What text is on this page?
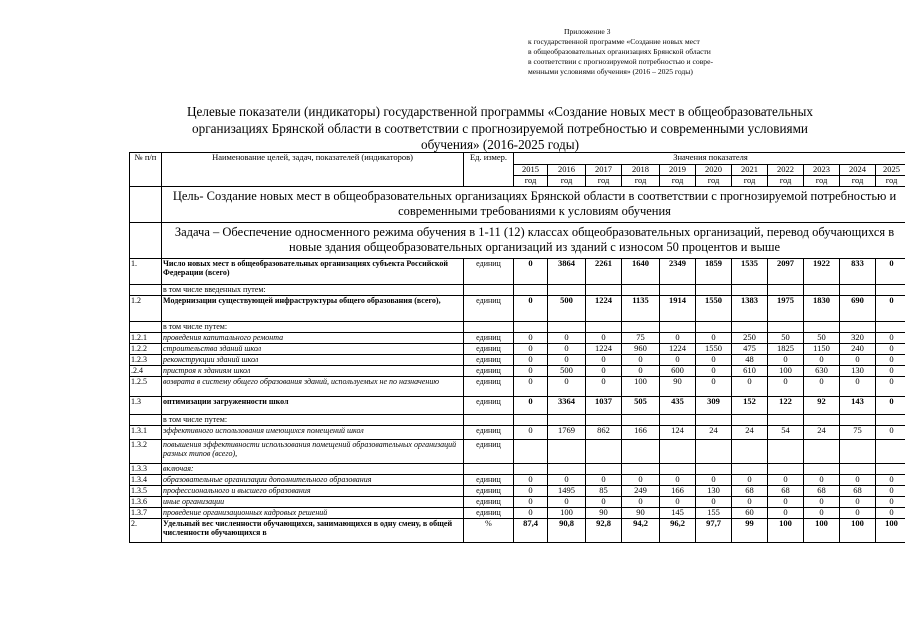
Приложение 3
к государственной программе «Создание новых мест
в общеобразовательных организациях Брянской области
в соответствии с прогнозируемой потребностью и совре-
менными условиями обучения» (2016 – 2025 годы)
Целевые показатели (индикаторы) государственной программы «Создание новых мест в общеобразовательных
организациях Брянской области в соответствии с прогнозируемой потребностью и современными условиями
обучения» (2016-2025 годы)
№ п/п	Наименование целей, задач, показателей (индикаторов)	Ед. измер.	Значения показателя										
			2015	2016	2017	2018	2019	2020	2021	2022	2023	2024	2025
			год	год	год	год	год	год	год	год	год	год	год
	Цель- Создание новых мест в общеобразовательных организациях Брянской области в соответствии с прогнозируемой потребностью и современными требованиями к условиям обучения												
	Задача – Обеспечение односменного режима обучения в 1-11 (12) классах общеобразовательных организаций, перевод обучающихся в новые здания общеобразовательных организаций из зданий с износом 50 процентов и выше												
1.	Число новых мест в общеобразовательных организациях субъекта Российской Федерации (всего)	единиц	0	3864	2261	1640	2349	1859	1535	2097	1922	833	0
	в том числе введенных путем:												
1.2	Модернизации существующей инфраструктуры общего образования (всего),	единиц	0	500	1224	1135	1914	1550	1383	1975	1830	690	0
	в том числе путем:												
1.2.1	проведения капитального ремонта	единиц	0	0	0	75	0	0	250	50	50	320	0
1.2.2	строительства зданий школ	единиц	0	0	1224	960	1224	1550	475	1825	1150	240	0
1.2.3	реконструкции зданий школ	единиц	0	0	0	0	0	0	48	0	0	0	0
.2.4	пристроя к зданиям школ	единиц	0	500	0	0	600	0	610	100	630	130	0
1.2.5	возврата в систему общего образования зданий, используемых не по назначению	единиц	0	0	0	100	90	0	0	0	0	0	0
1.3	оптимизации загруженности школ	единиц	0	3364	1037	505	435	309	152	122	92	143	0
	в том числе путем:												
1.3.1	эффективного использования имеющихся помещений школ	единиц	0	1769	862	166	124	24	24	54	24	75	0
1.3.2	повышения эффективности использования помещений образовательных организаций разных типов (всего),	единиц											
1.3.3	включая:												
1.3.4	образовательные организации дополнительного образования	единиц	0	0	0	0	0	0	0	0	0	0	0
1.3.5	профессионального и высшего образования	единиц	0	1495	85	249	166	130	68	68	68	68	0
1.3.6	иные организации	единиц	0	0	0	0	0	0	0	0	0	0	0
1.3.7	проведение организационных кадровых решений	единиц	0	100	90	90	145	155	60	0	0	0	0
2.	Удельный вес численности обучающихся, занимающихся в одну смену, в общей численности обучающихся в	%	87,4	90,8	92,8	94,2	96,2	97,7	99	100	100	100	100
